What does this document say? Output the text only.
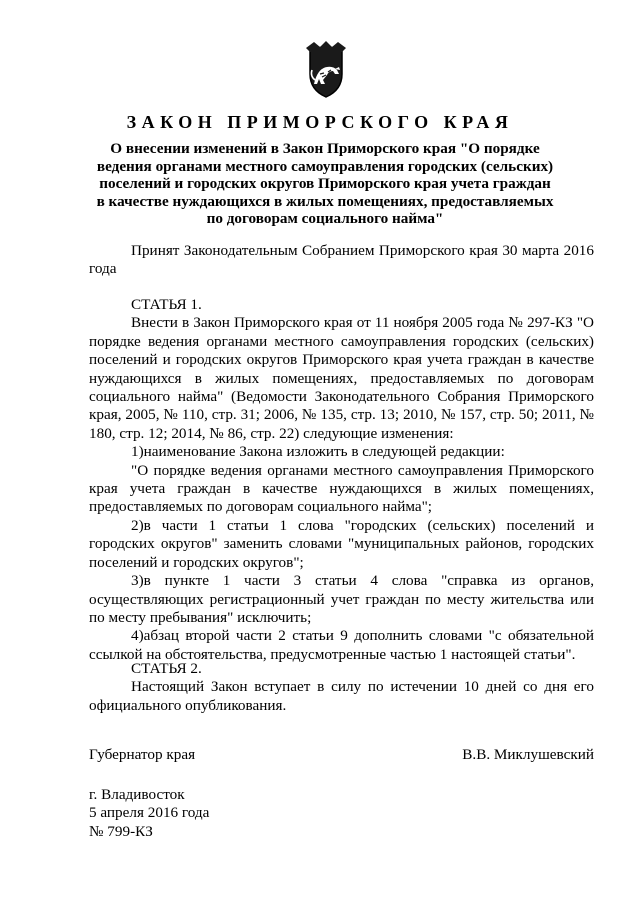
ЗАКОН ПРИМОРСКОГО КРАЯ

О внесении изменений в Закон Приморского края "О порядке ведения органами местного самоуправления городских (сельских) поселений и городских округов Приморского края учета граждан в качестве нуждающихся в жилых помещениях, предоставляемых по договорам социального найма"

Принят Законодательным Собранием Приморского края 30 марта 2016 года

СТАТЬЯ 1.

Внести в Закон Приморского края от 11 ноября 2005 года № 297-КЗ "О порядке ведения органами местного самоуправления городских (сельских) поселений и городских округов Приморского края учета граждан в качестве нуждающихся в жилых помещениях, предоставляемых по договорам социального найма" (Ведомости Законодательного Собрания Приморского края, 2005, № 110, стр. 31; 2006, № 135, стр. 13; 2010, № 157, стр. 50; 2011, № 180, стр. 12; 2014, № 86, стр. 22) следующие изменения:

1)наименование Закона изложить в следующей редакции:

"О порядке ведения органами местного самоуправления Приморского края учета граждан в качестве нуждающихся в жилых помещениях, предоставляемых по договорам социального найма";

2)в части 1 статьи 1 слова "городских (сельских) поселений и городских округов" заменить словами "муниципальных районов, городских поселений и городских округов";

3)в пункте 1 части 3 статьи 4 слова "справка из органов, осуществляющих регистрационный учет граждан по месту жительства или по месту пребывания" исключить;

4)абзац второй части 2 статьи 9 дополнить словами "с обязательной ссылкой на обстоятельства, предусмотренные частью 1 настоящей статьи".

СТАТЬЯ 2.

Настоящий Закон вступает в силу по истечении 10 дней со дня его официального опубликования.

Губернатор края	В.В. Миклушевский
г. Владивосток
5 апреля 2016 года
№ 799-КЗ
